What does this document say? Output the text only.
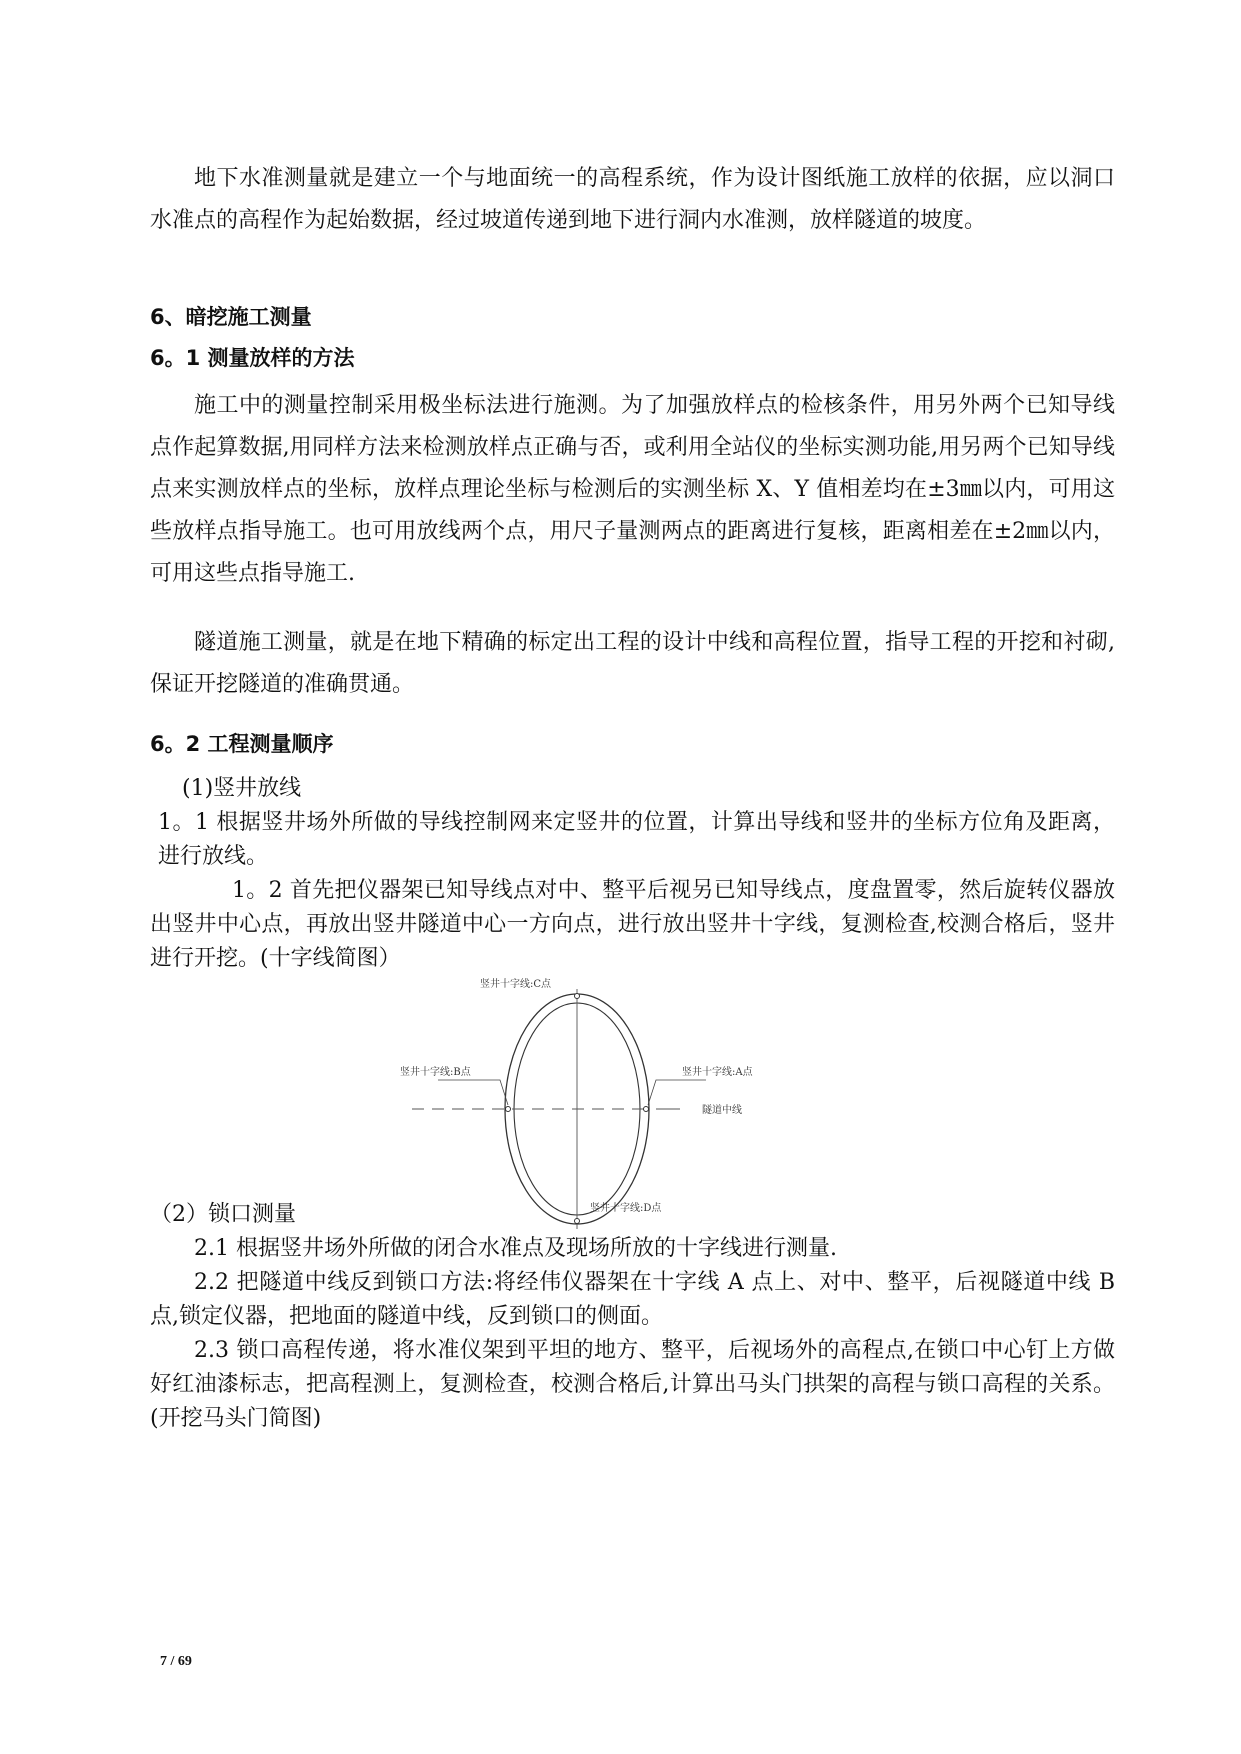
地下水准测量就是建立一个与地面统一的高程系统，作为设计图纸施工放样的依据，应以洞口水准点的高程作为起始数据，经过坡道传递到地下进行洞内水准测，放样隧道的坡度。

6、暗挖施工测量
6。1 测量放样的方法

施工中的测量控制采用极坐标法进行施测。为了加强放样点的检核条件，用另外两个已知导线点作起算数据,用同样方法来检测放样点正确与否，或利用全站仪的坐标实测功能,用另两个已知导线点来实测放样点的坐标，放样点理论坐标与检测后的实测坐标 X、Y 值相差均在±3㎜以内，可用这些放样点指导施工。也可用放线两个点，用尺子量测两点的距离进行复核，距离相差在±2㎜以内，可用这些点指导施工.

隧道施工测量，就是在地下精确的标定出工程的设计中线和高程位置，指导工程的开挖和衬砌,保证开挖隧道的准确贯通。

6。2 工程测量顺序

(1)竖井放线

1。1 根据竖井场外所做的导线控制网来定竖井的位置，计算出导线和竖井的坐标方位角及距离，进行放线。

1。2 首先把仪器架已知导线点对中、整平后视另已知导线点，度盘置零，然后旋转仪器放出竖井中心点，再放出竖井隧道中心一方向点，进行放出竖井十字线，复测检查,校测合格后，竖井进行开挖。(十字线简图）

竖井十字线:C点
竖井十字线:B点	竖井十字线:A点
竖井十字线:D点
隧道中线

（2）锁口测量

2.1 根据竖井场外所做的闭合水准点及现场所放的十字线进行测量.

2.2 把隧道中线反到锁口方法:将经伟仪器架在十字线 A 点上、对中、整平，后视隧道中线 B 点,锁定仪器，把地面的隧道中线，反到锁口的侧面。

2.3 锁口高程传递，将水准仪架到平坦的地方、整平，后视场外的高程点,在锁口中心钉上方做好红油漆标志，把高程测上，复测检查，校测合格后,计算出马头门拱架的高程与锁口高程的关系。(开挖马头门简图)

7 / 69
